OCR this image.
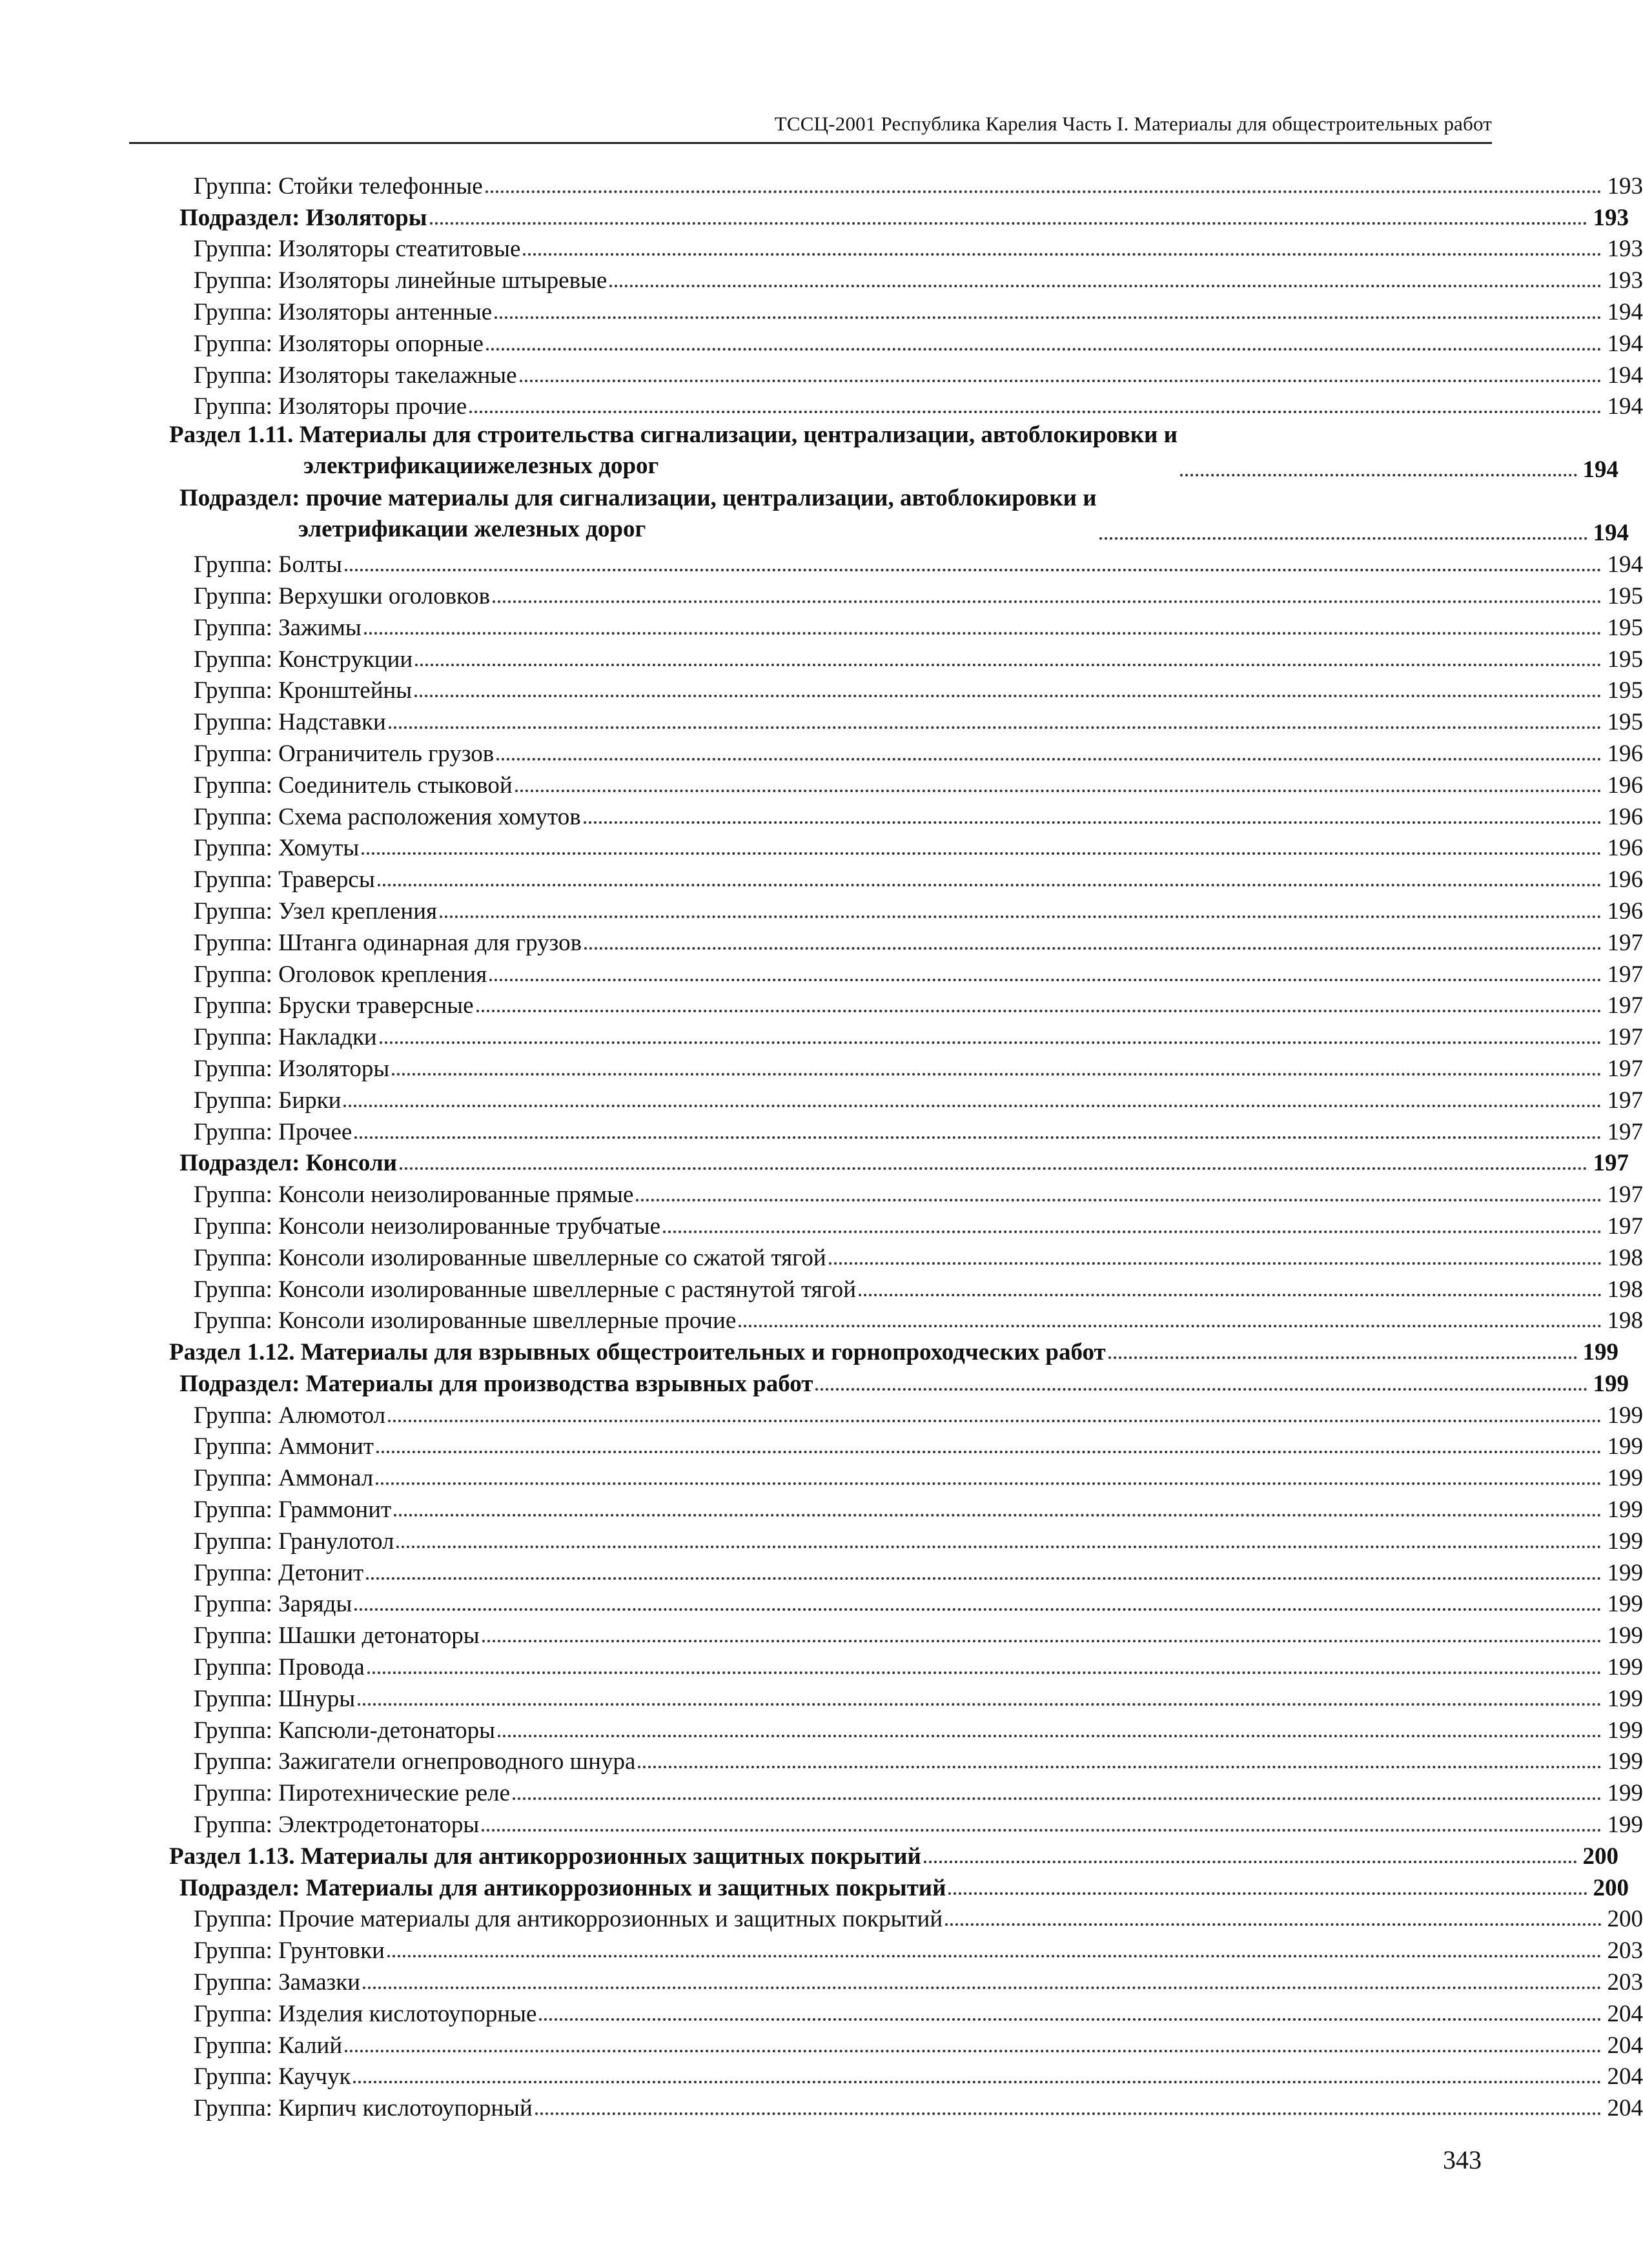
ТССЦ-2001 Республика Карелия Часть I. Материалы для общестроительных работ
Группа: Стойки телефонные	193
Подраздел: Изоляторы	193
Группа: Изоляторы стеатитовые	193
Группа: Изоляторы линейные штыревые	193
Группа: Изоляторы антенные	194
Группа: Изоляторы опорные	194
Группа: Изоляторы такелажные	194
Группа: Изоляторы прочие	194
Раздел 1.11. Материалы для строительства сигнализации, централизации, автоблокировки и
электрификациижелезных дорог	194
Подраздел: прочие материалы для сигнализации, централизации, автоблокировки и
элетрификации железных дорог	194
Группа: Болты	194
Группа: Верхушки оголовков	195
Группа: Зажимы	195
Группа: Конструкции	195
Группа: Кронштейны	195
Группа: Надставки	195
Группа: Ограничитель грузов	196
Группа: Соединитель стыковой	196
Группа: Схема расположения хомутов	196
Группа: Хомуты	196
Группа: Траверсы	196
Группа: Узел крепления	196
Группа: Штанга одинарная для грузов	197
Группа: Оголовок крепления	197
Группа: Бруски траверсные	197
Группа: Накладки	197
Группа: Изоляторы	197
Группа: Бирки	197
Группа: Прочее	197
Подраздел: Консоли	197
Группа: Консоли неизолированные прямые	197
Группа: Консоли неизолированные трубчатые	197
Группа: Консоли изолированные швеллерные со сжатой тягой	198
Группа: Консоли изолированные швеллерные с растянутой тягой	198
Группа: Консоли изолированные швеллерные прочие	198
Раздел 1.12. Материалы для взрывных общестроительных и горнопроходческих работ	199
Подраздел: Материалы для производства взрывных работ	199
Группа: Алюмотол	199
Группа: Аммонит	199
Группа: Аммонал	199
Группа: Граммонит	199
Группа: Гранулотол	199
Группа: Детонит	199
Группа: Заряды	199
Группа: Шашки детонаторы	199
Группа: Провода	199
Группа: Шнуры	199
Группа: Капсюли-детонаторы	199
Группа: Зажигатели огнепроводного шнура	199
Группа: Пиротехнические реле	199
Группа: Электродетонаторы	199
Раздел 1.13. Материалы для антикоррозионных защитных покрытий	200
Подраздел: Материалы для антикоррозионных и защитных покрытий	200
Группа: Прочие материалы для антикоррозионных и защитных покрытий	200
Группа: Грунтовки	203
Группа: Замазки	203
Группа: Изделия кислотоупорные	204
Группа: Калий	204
Группа: Каучук	204
Группа: Кирпич кислотоупорный	204
343
